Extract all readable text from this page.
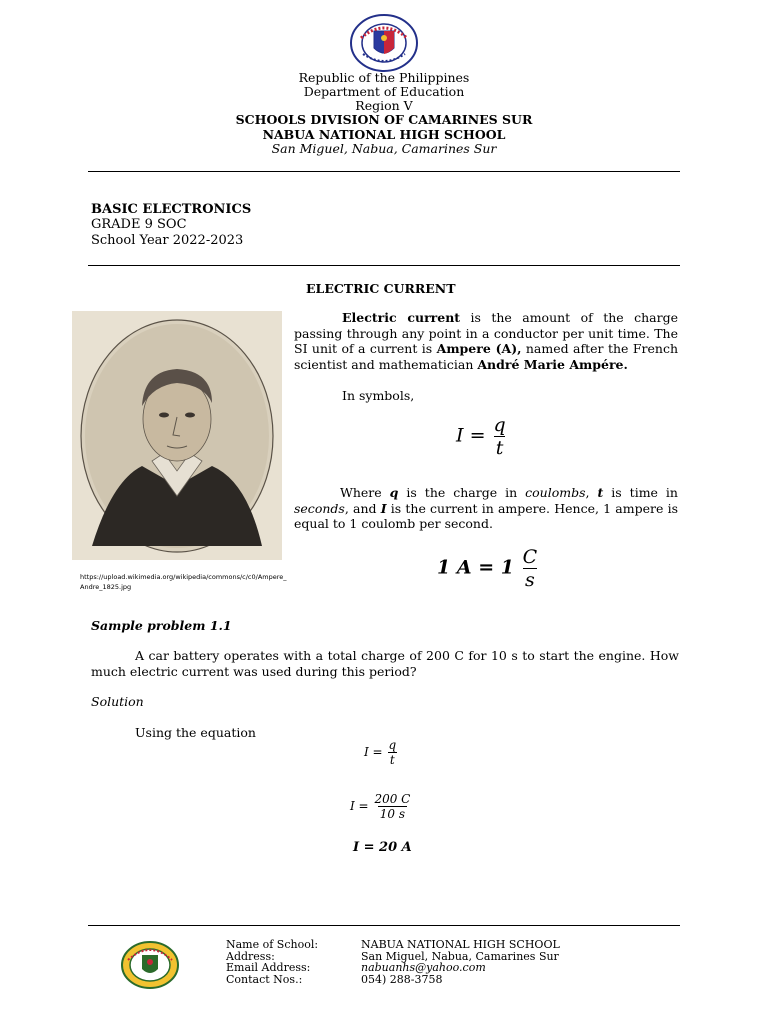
Republic of the Philippines
Department of Education
Region V
SCHOOLS DIVISION OF CAMARINES SUR
NABUA NATIONAL HIGH SCHOOL
San Miguel, Nabua, Camarines Sur
BASIC ELECTRONICS
GRADE 9 SOC
School Year 2022-2023
ELECTRIC CURRENT
https://upload.wikimedia.org/wikipedia/commons/c/c0/Ampere_Andre_1825.jpg
Electric current is the amount of the charge passing through any point in a conductor per unit time. The SI unit of a current is Ampere (A), named after the French scientist and mathematician André Marie Ampére.
In symbols,
$I = \frac{q}{t}$
Where q is the charge in coulombs, t is time in seconds, and I is the current in ampere. Hence, 1 ampere is equal to 1 coulomb per second.
1 $A = 1 \frac{C}{s}$
Sample problem 1.1
A car battery operates with a total charge of 200 C for 10 s to start the engine. How much electric current was used during this period?
Solution
Using the equation
$I = \frac{q}{t}$
$I = \frac{200 C}{10 s}$
I = 20 A
Name of School:
Address:
Email Address:
Contact Nos.:
NABUA NATIONAL HIGH SCHOOL
San Miguel, Nabua, Camarines Sur
nabuanhs@yahoo.com
054) 288-3758
